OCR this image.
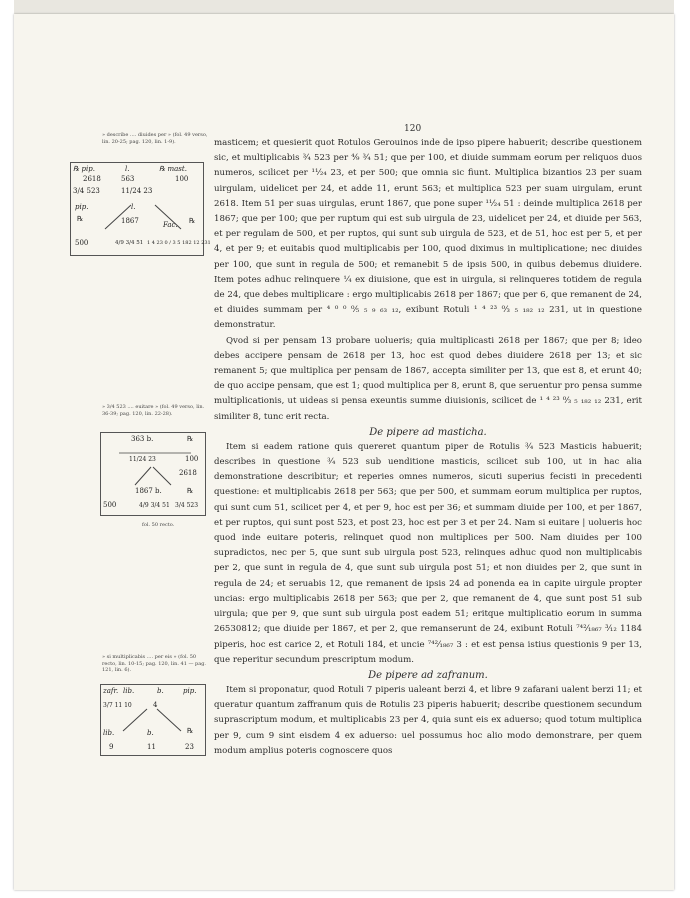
120
» describe .... diuides per » (fol. 49 verso, lin. 20-25; pag. 120, lin. 1-9).
℞ pip.	l.	℞ mast.
2618	563	100
3/4 523	11/24 23
pip.	l.
℞	1867	Fac. ℞
500	4/9 3/4 51 1 4 23 0 / 3 5 182 12 231
» 3/4 523 .... euitare » (fol. 49 verso, lin. 36-39; pag. 120, lin. 22-28).
363 b.	℞
11/24 23	100
2618
1867 b.	℞
500	4/9 3/4 51 3/4 523
fol. 50 recto.
» si multiplicabis .... per eis » (fol. 50 recto, lin. 10-15; pag. 120, lin. 41 — pag. 121, lin. 6).
zafr. lib.	b.	pip.
3/7 11 10	4
lib.	b.	℞
9	11	23

masticem; et quesierit quot Rotulos Gerouinos inde de ipso pipere habuerit; describe questionem sic, et multiplicabis ¾ 523 per ⁴⁄₉ ¾ 51; que per 100, et diuide summam eorum per reliquos duos numeros, scilicet per ¹¹⁄₂₄ 23, et per 500; que omnia sic fiunt. Multiplica bizantios 23 per suam uirgulam, uidelicet per 24, et adde 11, erunt 563; et multiplica 523 per suam uirgulam, erunt 2618. Item 51 per suas uirgulas, erunt 1867, que pone super ¹¹⁄₂₄ 51 : deinde multiplica 2618 per 1867; que per 100; que per ruptum qui est sub uirgula de 23, uidelicet per 24, et diuide per 563, et per regulam de 500, et per ruptos, qui sunt sub uirgula de 523, et de 51, hoc est per 5, et per 4, et per 9; et euitabis quod multiplicabis per 100, quod diximus in multiplicatione; nec diuides per 100, que sunt in regula de 500; et remanebit 5 de ipsis 500, in quibus debemus diuidere. Item potes adhuc relinquere ¼ ex diuisione, que est in uirgula, si relinqueres totidem de regula de 24, que debes multiplicare : ergo multiplicabis 2618 per 1867; que per 6, que remanent de 24, et diuides summam per ⁴ ⁰ ⁰ ⁰⁄₅ ₅ ₉ ₆₃ ₁₂, exibunt Rotuli ¹ ⁴ ²³ ⁰⁄₃ ₅ ₁₈₂ ₁₂ 231, ut in questione demonstratur.

Qvod si per pensam 13 probare uolueris; quia multiplicasti 2618 per 1867; que per 8; ideo debes accipere pensam de 2618 per 13, hoc est quod debes diuidere 2618 per 13; et sic remanent 5; que multiplica per pensam de 1867, accepta similiter per 13, que est 8, et erunt 40; de quo accipe pensam, que est 1; quod multiplica per 8, erunt 8, que seruentur pro pensa summe multiplicationis, ut uideas si pensa exeuntis summe diuisionis, scilicet de ¹ ⁴ ²³ ⁰⁄₃ ₅ ₁₈₂ ₁₂ 231, erit similiter 8, tunc erit recta.

De pipere ad masticha.

Item si eadem ratione quis quereret quantum piper de Rotulis ¾ 523 Masticis habuerit; describes in questione ¾ 523 sub uenditione masticis, scilicet sub 100, ut in hac alia demonstratione describitur; et reperies omnes numeros, sicuti superius fecisti in precedenti questione: et multiplicabis 2618 per 563; que per 500, et summam eorum multiplica per ruptos, qui sunt cum 51, scilicet per 4, et per 9, hoc est per 36; et summam diuide per 100, et per 1867, et per ruptos, qui sunt post 523, et post 23, hoc est per 3 et per 24. Nam si euitare | uolueris hoc quod inde euitare poteris, relinquet quod non multiplices per 500. Nam diuides per 100 supradictos, nec per 5, que sunt sub uirgula post 523, relinques adhuc quod non multiplicabis per 2, que sunt in regula de 4, que sunt sub uirgula post 51; et non diuides per 2, que sunt in regula de 24; et seruabis 12, que remanent de ipsis 24 ad ponenda ea in capite uirgule propter uncias: ergo multiplicabis 2618 per 563; que per 2, que remanent de 4, que sunt post 51 sub uirgula; que per 9, que sunt sub uirgula post eadem 51; eritque multiplicatio eorum in summa 26530812; que diuide per 1867, et per 2, que remanserunt de 24, exibunt Rotuli ⁷⁴²⁄₁₈₆₇ ³⁄₁₂ 1184 piperis, hoc est carice 2, et Rotuli 184, et uncie ⁷⁴²⁄₁₈₆₇ 3 : et est pensa istius questionis 9 per 13, que reperitur secundum prescriptum modum.

De pipere ad zafranum.

Item si proponatur, quod Rotuli 7 piperis ualeant berzi 4, et libre 9 zafarani ualent berzi 11; et queratur quantum zaffranum quis de Rotulis 23 piperis habuerit; describe questionem secundum suprascriptum modum, et multiplicabis 23 per 4, quia sunt eis ex aduerso; quod totum multiplica per 9, cum 9 sint eisdem 4 ex aduerso: uel possumus hoc alio modo demonstrare, per quem modum amplius poteris cognoscere quos
